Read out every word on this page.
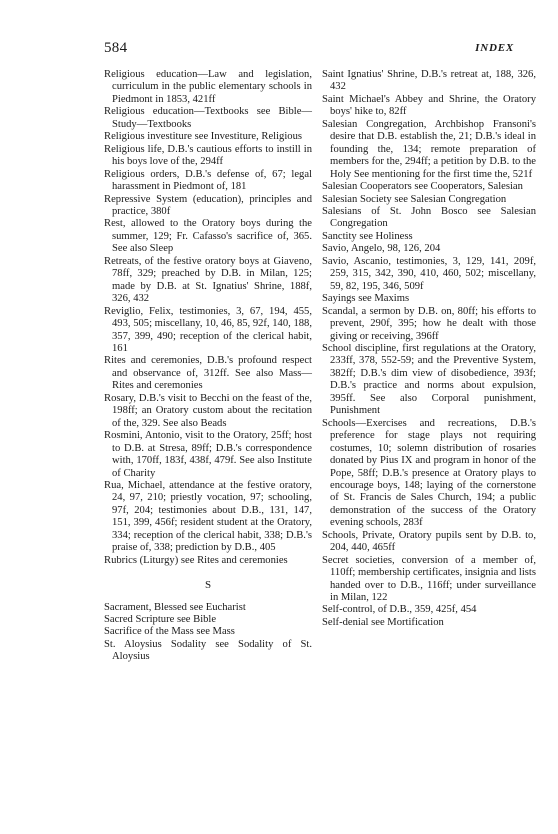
584	INDEX

Religious education—Law and legislation, curriculum in the public elementary schools in Piedmont in 1853, 421ff

Religious education—Textbooks see Bible—Study—Textbooks

Religious investiture see Investiture, Religious

Religious life, D.B.'s cautious efforts to instill in his boys love of the, 294ff

Religious orders, D.B.'s defense of, 67; legal harassment in Piedmont of, 181

Repressive System (education), principles and practice, 380f

Rest, allowed to the Oratory boys during the summer, 129; Fr. Cafasso's sacrifice of, 365. See also Sleep

Retreats, of the festive oratory boys at Giaveno, 78ff, 329; preached by D.B. in Milan, 125; made by D.B. at St. Ignatius' Shrine, 188f, 326, 432

Reviglio, Felix, testimonies, 3, 67, 194, 455, 493, 505; miscellany, 10, 46, 85, 92f, 140, 188, 357, 399, 490; reception of the clerical habit, 161

Rites and ceremonies, D.B.'s profound respect and observance of, 312ff. See also Mass—Rites and ceremonies

Rosary, D.B.'s visit to Becchi on the feast of the, 198ff; an Oratory custom about the recitation of the, 329. See also Beads

Rosmini, Antonio, visit to the Oratory, 25ff; host to D.B. at Stresa, 89ff; D.B.'s correspondence with, 170ff, 183f, 438f, 479f. See also Institute of Charity

Rua, Michael, attendance at the festive oratory, 24, 97, 210; priestly vocation, 97; schooling, 97f, 204; testimonies about D.B., 131, 147, 151, 399, 456f; resident student at the Oratory, 334; reception of the clerical habit, 338; D.B.'s praise of, 338; prediction by D.B., 405

Rubrics (Liturgy) see Rites and ceremonies

S

Sacrament, Blessed see Eucharist

Sacred Scripture see Bible

Sacrifice of the Mass see Mass

St. Aloysius Sodality see Sodality of St. Aloysius

Saint Ignatius' Shrine, D.B.'s retreat at, 188, 326, 432

Saint Michael's Abbey and Shrine, the Oratory boys' hike to, 82ff

Salesian Congregation, Archbishop Fransoni's desire that D.B. establish the, 21; D.B.'s ideal in founding the, 134; remote preparation of members for the, 294ff; a petition by D.B. to the Holy See mentioning for the first time the, 521f

Salesian Cooperators see Cooperators, Salesian

Salesian Society see Salesian Congregation

Salesians of St. John Bosco see Salesian Congregation

Sanctity see Holiness

Savio, Angelo, 98, 126, 204

Savio, Ascanio, testimonies, 3, 129, 141, 209f, 259, 315, 342, 390, 410, 460, 502; miscellany, 59, 82, 195, 346, 509f

Sayings see Maxims

Scandal, a sermon by D.B. on, 80ff; his efforts to prevent, 290f, 395; how he dealt with those giving or receiving, 396ff

School discipline, first regulations at the Oratory, 233ff, 378, 552-59; and the Preventive System, 382ff; D.B.'s dim view of disobedience, 393f; D.B.'s practice and norms about expulsion, 395ff. See also Corporal punishment, Punishment

Schools—Exercises and recreations, D.B.'s preference for stage plays not requiring costumes, 10; solemn distribution of rosaries donated by Pius IX and program in honor of the Pope, 58ff; D.B.'s presence at Oratory plays to encourage boys, 148; laying of the cornerstone of St. Francis de Sales Church, 194; a public demonstration of the success of the Oratory evening schools, 283f

Schools, Private, Oratory pupils sent by D.B. to, 204, 440, 465ff

Secret societies, conversion of a member of, 110ff; membership certificates, insignia and lists handed over to D.B., 116ff; under surveillance in Milan, 122

Self-control, of D.B., 359, 425f, 454

Self-denial see Mortification
